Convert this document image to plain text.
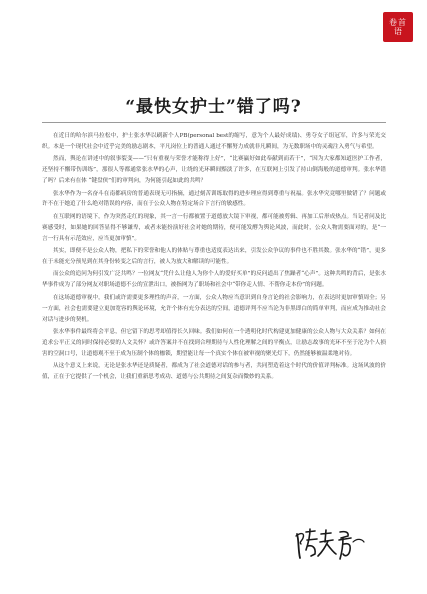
卷首
语
“最快女护士”错了吗?

在近日的哈尔滨马拉松中，护士张水华以刷新个人PB(personal best的缩写，意为个人最好成绩)、勇夺女子组冠军，许多与荣光交织。本是一个现代社会中近乎完美的励志剧本，平凡岗位上的普通人通过不懈努力成就非凡瞬间，为无数职场中的灵魂注入勇气与希望。

然而，舆论在讲述中的叙事裂变——“只有重视与荣誉才能称得上好”，“比赛赢好如此奉献到而若干”，“因为大家都知道医护工作者，还坚持不懈带伤训练”，那很人等都通常张水华的心声，让绕的光环瞬间黯淡了许多，在互联网上引发了持山倒海般的道德审判。张水华错了吗？后来有在体 “键盘侠”们的审判向，为何能引起如此的共鸣？

张水华作为一名奋斗在南都病房的普通表现无可指摘，通过刻苦训练取得的进步理应得到尊重与祝福。张水华究竟哪里做错了？问题或许不在于她追了什么绝对错误的内容，而在于公众人物在特定场合下言行的敏感性。

在互联网的语境下，作为突然走红的现象，其一言一行都被置于道德放大镜下审视，都可能被剪辑、再加工后形成热点。当记者问及比赛感受时，如果她的回答显得不够谦卑，或者未能扮演好社会对她的期待，便可能发酵为舆论风波，而此时，公众人物需要面对的，是“一言一行具有示范效应，应当更加审慎”。

其实，即便不是公众人物，把私下的荣誉和他人的体贴与尊重也适度表达出来，引发公众争议的事件也不胜其数。张水华的“错”，更多在于未能充分预见到在其身份转变之后的言行，被人为放大和解读的可能性。

而公众的追问为何引发广泛共鸣？一位网友“凭什么让他人为你个人的爱好买单”的反问道出了焦躁者“心声”。这种共鸣的背后，是张水华事件成为了部分网友对职场道德不公的宣泄出口，被指网为了职场和社会中“带你走人情、不帮你走本份”的问题。

在这场道德审视中，我们或许需要更多理性的声音，一方面，公众人物应当意识到自身言论的社会影响力，在表达时更加审慎周全；另一方面，社会也需要建立更加宽容的舆论环境，允许个体有充分表达的空间，道德评判不应当沦为非黑即白的简单审判，而应成为推动社会对话与进步的契机。

张水华事件最终将会平息，但它留下的思考却值得长久回味。我们如何在一个透明化时代构建更加健康的公众人物与大众关系？如何在追求公平正义的同时保持必要的人文关怀？或许答案并不在找到合理期待与人性化理解之间的平衡点，让励志故事的光环不至于沦为个人损害的空洞口号，让道德观不至于成为压制个体的枷锁，期望能让每一个真实个体在被审视的聚光灯下，仍然能够被温柔地对待。

从这个意义上来说，无论是张水华还是质疑者，都成为了社会道德对话的参与者，共同塑造着这个时代的价值评判标准。这场风波的价值，正在于它提供了一个机会，让我们重新思考成功、道德与公共期待之间复杂而微妙的关系。
